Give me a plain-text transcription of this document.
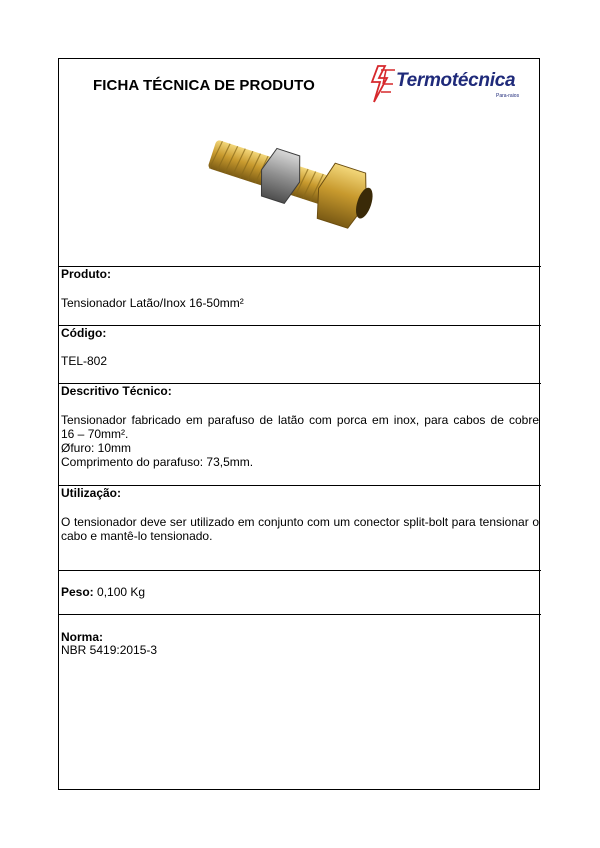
FICHA TÉCNICA DE PRODUTO	Termotécnica
Para-raios
Produto:
Tensionador Latão/Inox 16-50mm²
Código:
TEL-802
Descritivo Técnico:
Tensionador fabricado em parafuso de latão com porca em inox, para cabos de cobre
16 – 70mm².
Øfuro: 10mm
Comprimento do parafuso: 73,5mm.
Utilização:
O tensionador deve ser utilizado em conjunto com um conector split-bolt para tensionar o
cabo e mantê-lo tensionado.
Peso: 0,100 Kg
Norma:
NBR 5419:2015-3
